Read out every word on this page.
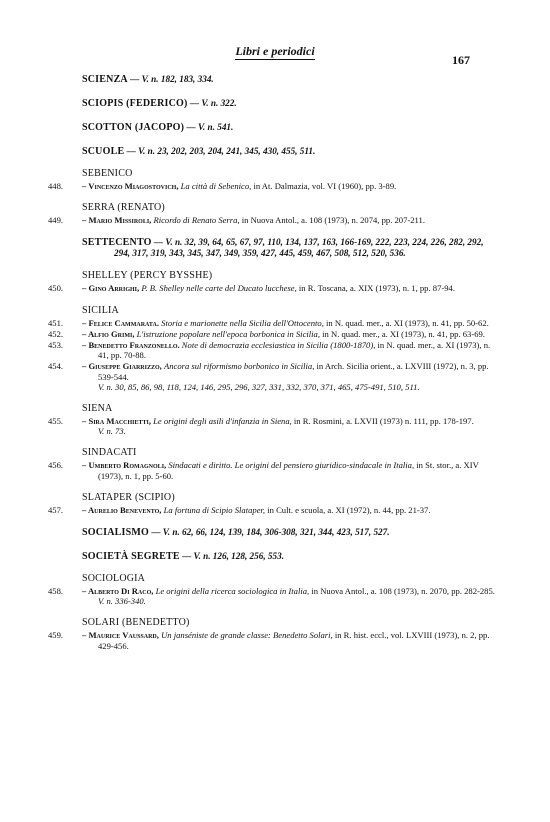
Libri e periodici
167
SCIENZA — V. n. 182, 183, 334.
SCIOPIS (FEDERICO) — V. n. 322.
SCOTTON (JACOPO) — V. n. 541.
SCUOLE — V. n. 23, 202, 203, 204, 241, 345, 430, 455, 511.
SEBENICO
448. – Vincenzo Miagostovich, La città di Sebenico, in At. Dalmazia, vol. VI (1960), pp. 3-89.
SERRA (RENATO)
449. – Mario Missiroli, Ricordo di Renato Serra, in Nuova Antol., a. 108 (1973), n. 2074, pp. 207-211.
SETTECENTO — V. n. 32, 39, 64, 65, 67, 97, 110, 134, 137, 163, 166-169, 222, 223, 224, 226, 282, 292, 294, 317, 319, 343, 345, 347, 349, 359, 427, 445, 459, 467, 508, 512, 520, 536.
SHELLEY (PERCY BYSSHE)
450. – Gino Arrighi, P. B. Shelley nelle carte del Ducato lucchese, in R. Toscana, a. XIX (1973), n. 1, pp. 87-94.
SICILIA
451. – Felice Cammarata. Storia e marionette nella Sicilia dell'Ottocento, in N. quad. mer., a. XI (1973), n. 41, pp. 50-62.
452. – Alfio Grimi, L'istruzione popolare nell'epoca borbonica in Sicilia, in N. quad. mer., a. XI (1973), n. 41, pp. 63-69.
453. – Benedetto Franzonello. Note di democrazia ecclesiastica in Sicilia (1800-1870), in N. quad. mer., a. XI (1973), n. 41, pp. 70-88.
454. – Giuseppe Giarrizzo, Ancora sul riformismo borbonico in Sicilia, in Arch. Sicilia orient., a. LXVIII (1972), n. 3, pp. 539-544.
V. n. 30, 85, 86, 98, 118, 124, 146, 295, 296, 327, 331, 332, 370, 371, 465, 475-491, 510, 511.
SIENA
455. – Sira Macchietti, Le origini degli asili d'infanzia in Siena, in R. Rosmini, a. LXVII (1973) n. 111, pp. 178-197.
V. n. 73.
SINDACATI
456. – Umberto Romagnoli, Sindacati e diritto. Le origini del pensiero giuridico-sindacale in Italia, in St. stor., a. XIV (1973), n. 1, pp. 5-60.
SLATAPER (SCIPIO)
457. – Aurelio Benevento, La fortuna di Scipio Slataper, in Cult. e scuola, a. XI (1972), n. 44, pp. 21-37.
SOCIALISMO — V. n. 62, 66, 124, 139, 184, 306-308, 321, 344, 423, 517, 527.
SOCIETÀ SEGRETE — V. n. 126, 128, 256, 553.
SOCIOLOGIA
458. – Alberto Di Raco, Le origini della ricerca sociologica in Italia, in Nuova Antol., a. 108 (1973), n. 2070, pp. 282-285.
V. n. 336-340.
SOLARI (BENEDETTO)
459. – Maurice Vaussard, Un janséniste de grande classe: Benedetto Solari, in R. hist. eccl., vol. LXVIII (1973), n. 2, pp. 429-456.
